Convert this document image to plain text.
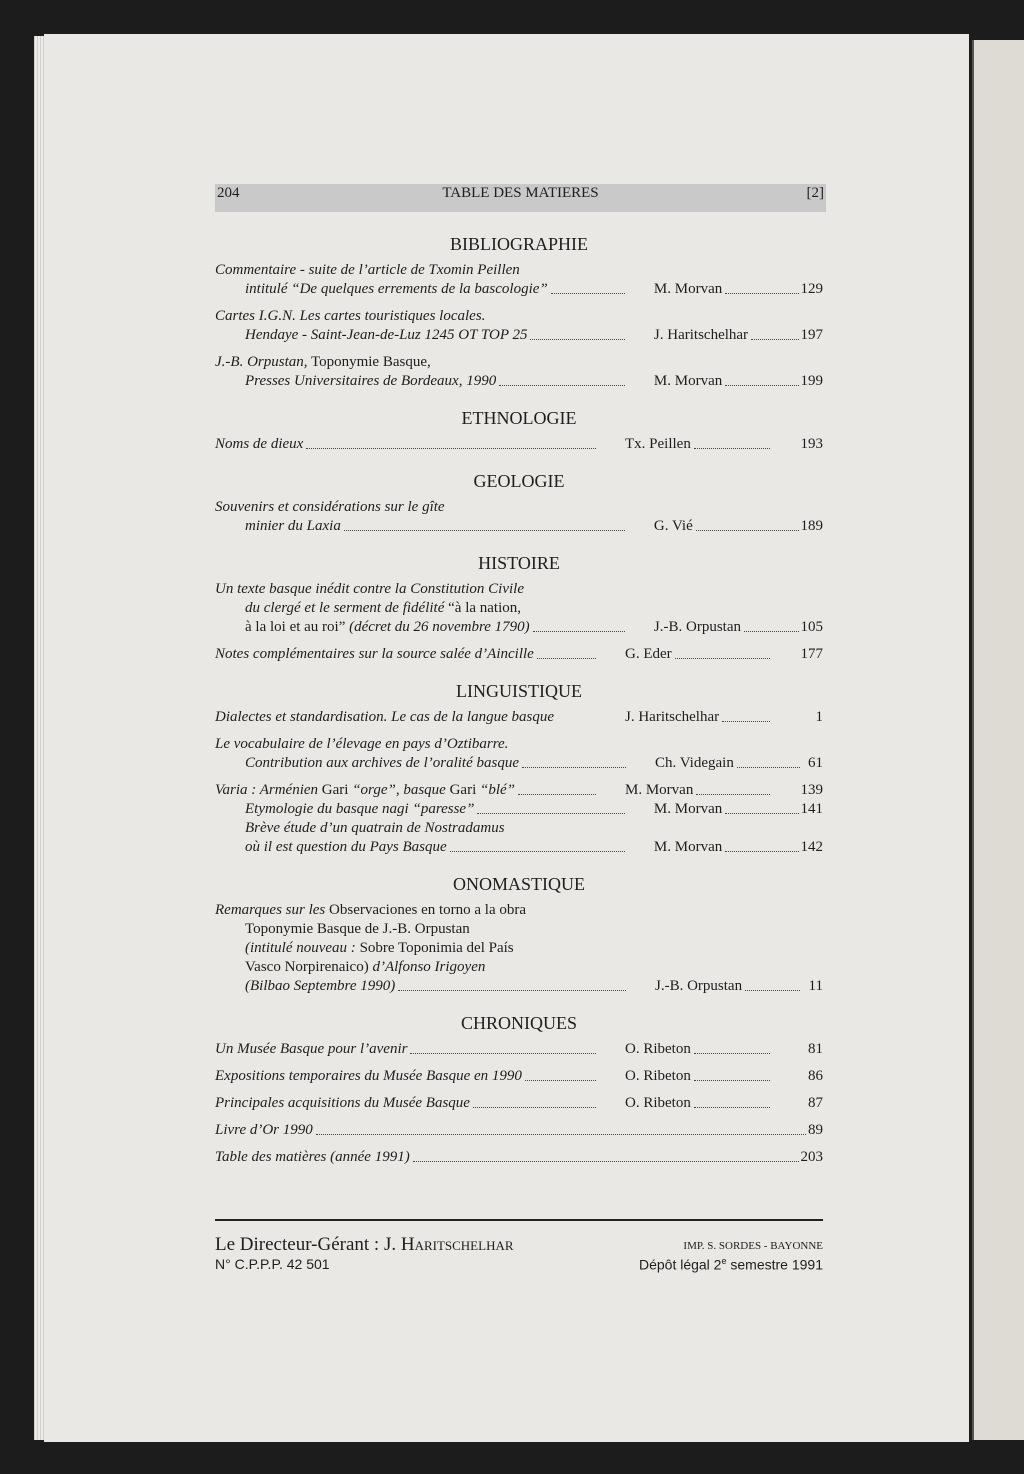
204	TABLE DES MATIERES	[2]
BIBLIOGRAPHIE
Commentaire - suite de l’article de Txomin Peillen
intitulé “De quelques errements de la bascologie”	M. Morvan	129
Cartes I.G.N. Les cartes touristiques locales.
Hendaye - Saint-Jean-de-Luz 1245 OT TOP 25	J. Haritschelhar	197
J.-B. Orpustan, Toponymie Basque,
Presses Universitaires de Bordeaux, 1990	M. Morvan	199
ETHNOLOGIE
Noms de dieux	Tx. Peillen	193
GEOLOGIE
Souvenirs et considérations sur le gîte
minier du Laxia	G. Vié	189
HISTOIRE
Un texte basque inédit contre la Constitution Civile
du clergé et le serment de fidélité “à la nation,
à la loi et au roi” (décret du 26 novembre 1790)	J.-B. Orpustan	105
Notes complémentaires sur la source salée d’Aincille	G. Eder	177
LINGUISTIQUE
Dialectes et standardisation. Le cas de la langue basque	J. Haritschelhar	1
Le vocabulaire de l’élevage en pays d’Oztibarre.
Contribution aux archives de l’oralité basque	Ch. Videgain	61
Varia : Arménien Gari “orge”, basque Gari “blé”	M. Morvan	139
Etymologie du basque nagi “paresse”	M. Morvan	141
Brève étude d’un quatrain de Nostradamus
où il est question du Pays Basque	M. Morvan	142
ONOMASTIQUE
Remarques sur les Observaciones en torno a la obra
Toponymie Basque de J.-B. Orpustan
(intitulé nouveau : Sobre Toponimia del País
Vasco Norpirenaico) d’Alfonso Irigoyen
(Bilbao Septembre 1990)	J.-B. Orpustan	11
CHRONIQUES
Un Musée Basque pour l’avenir	O. Ribeton	81
Expositions temporaires du Musée Basque en 1990	O. Ribeton	86
Principales acquisitions du Musée Basque	O. Ribeton	87
Livre d’Or 1990	89
Table des matières (année 1991)	203
Le Directeur-Gérant : J. Haritschelhar	IMP. S. SORDES - BAYONNE
N° C.P.P.P. 42 501	Dépôt légal 2e semestre 1991
